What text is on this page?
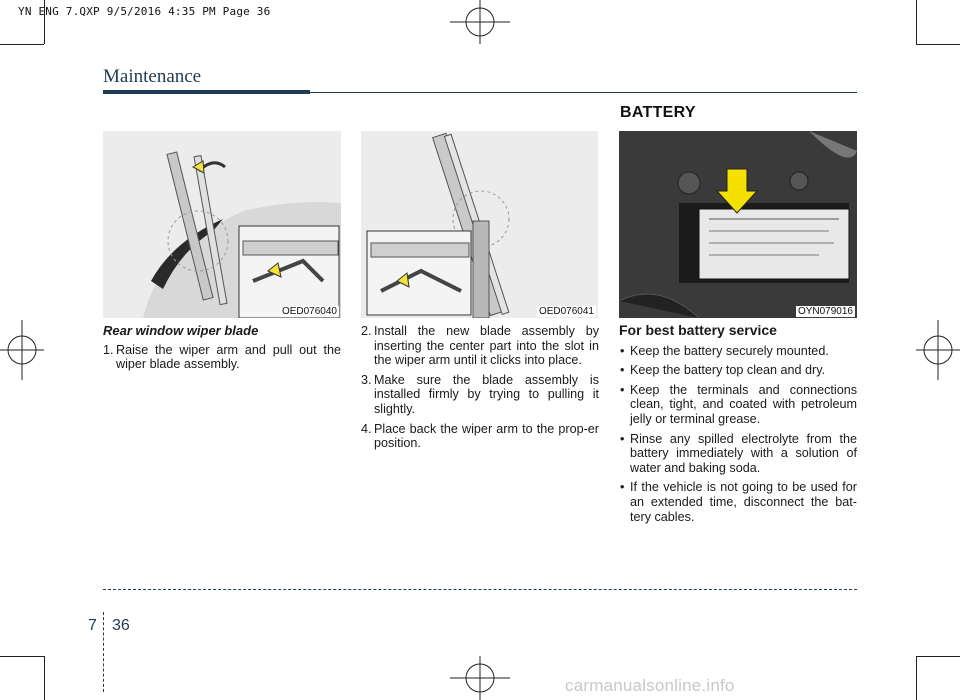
YN ENG 7.QXP 9/5/2016 4:35 PM Page 36
Maintenance
BATTERY
OED076040	OED076041	OYN079016
Rear window wiper blade
1. Raise the wiper arm and pull out the wiper blade assembly.
2. Install the new blade assembly by inserting the center part into the slot in the wiper arm until it clicks into place.
3. Make sure the blade assembly is installed firmly by trying to pulling it slightly.
4. Place back the wiper arm to the prop-er position.
For best battery service
• Keep the battery securely mounted.
• Keep the battery top clean and dry.
• Keep the terminals and connections clean, tight, and coated with petroleum jelly or terminal grease.
• Rinse any spilled electrolyte from the battery immediately with a solution of water and baking soda.
• If the vehicle is not going to be used for an extended time, disconnect the bat-tery cables.
7 36
carmanualsonline.info
